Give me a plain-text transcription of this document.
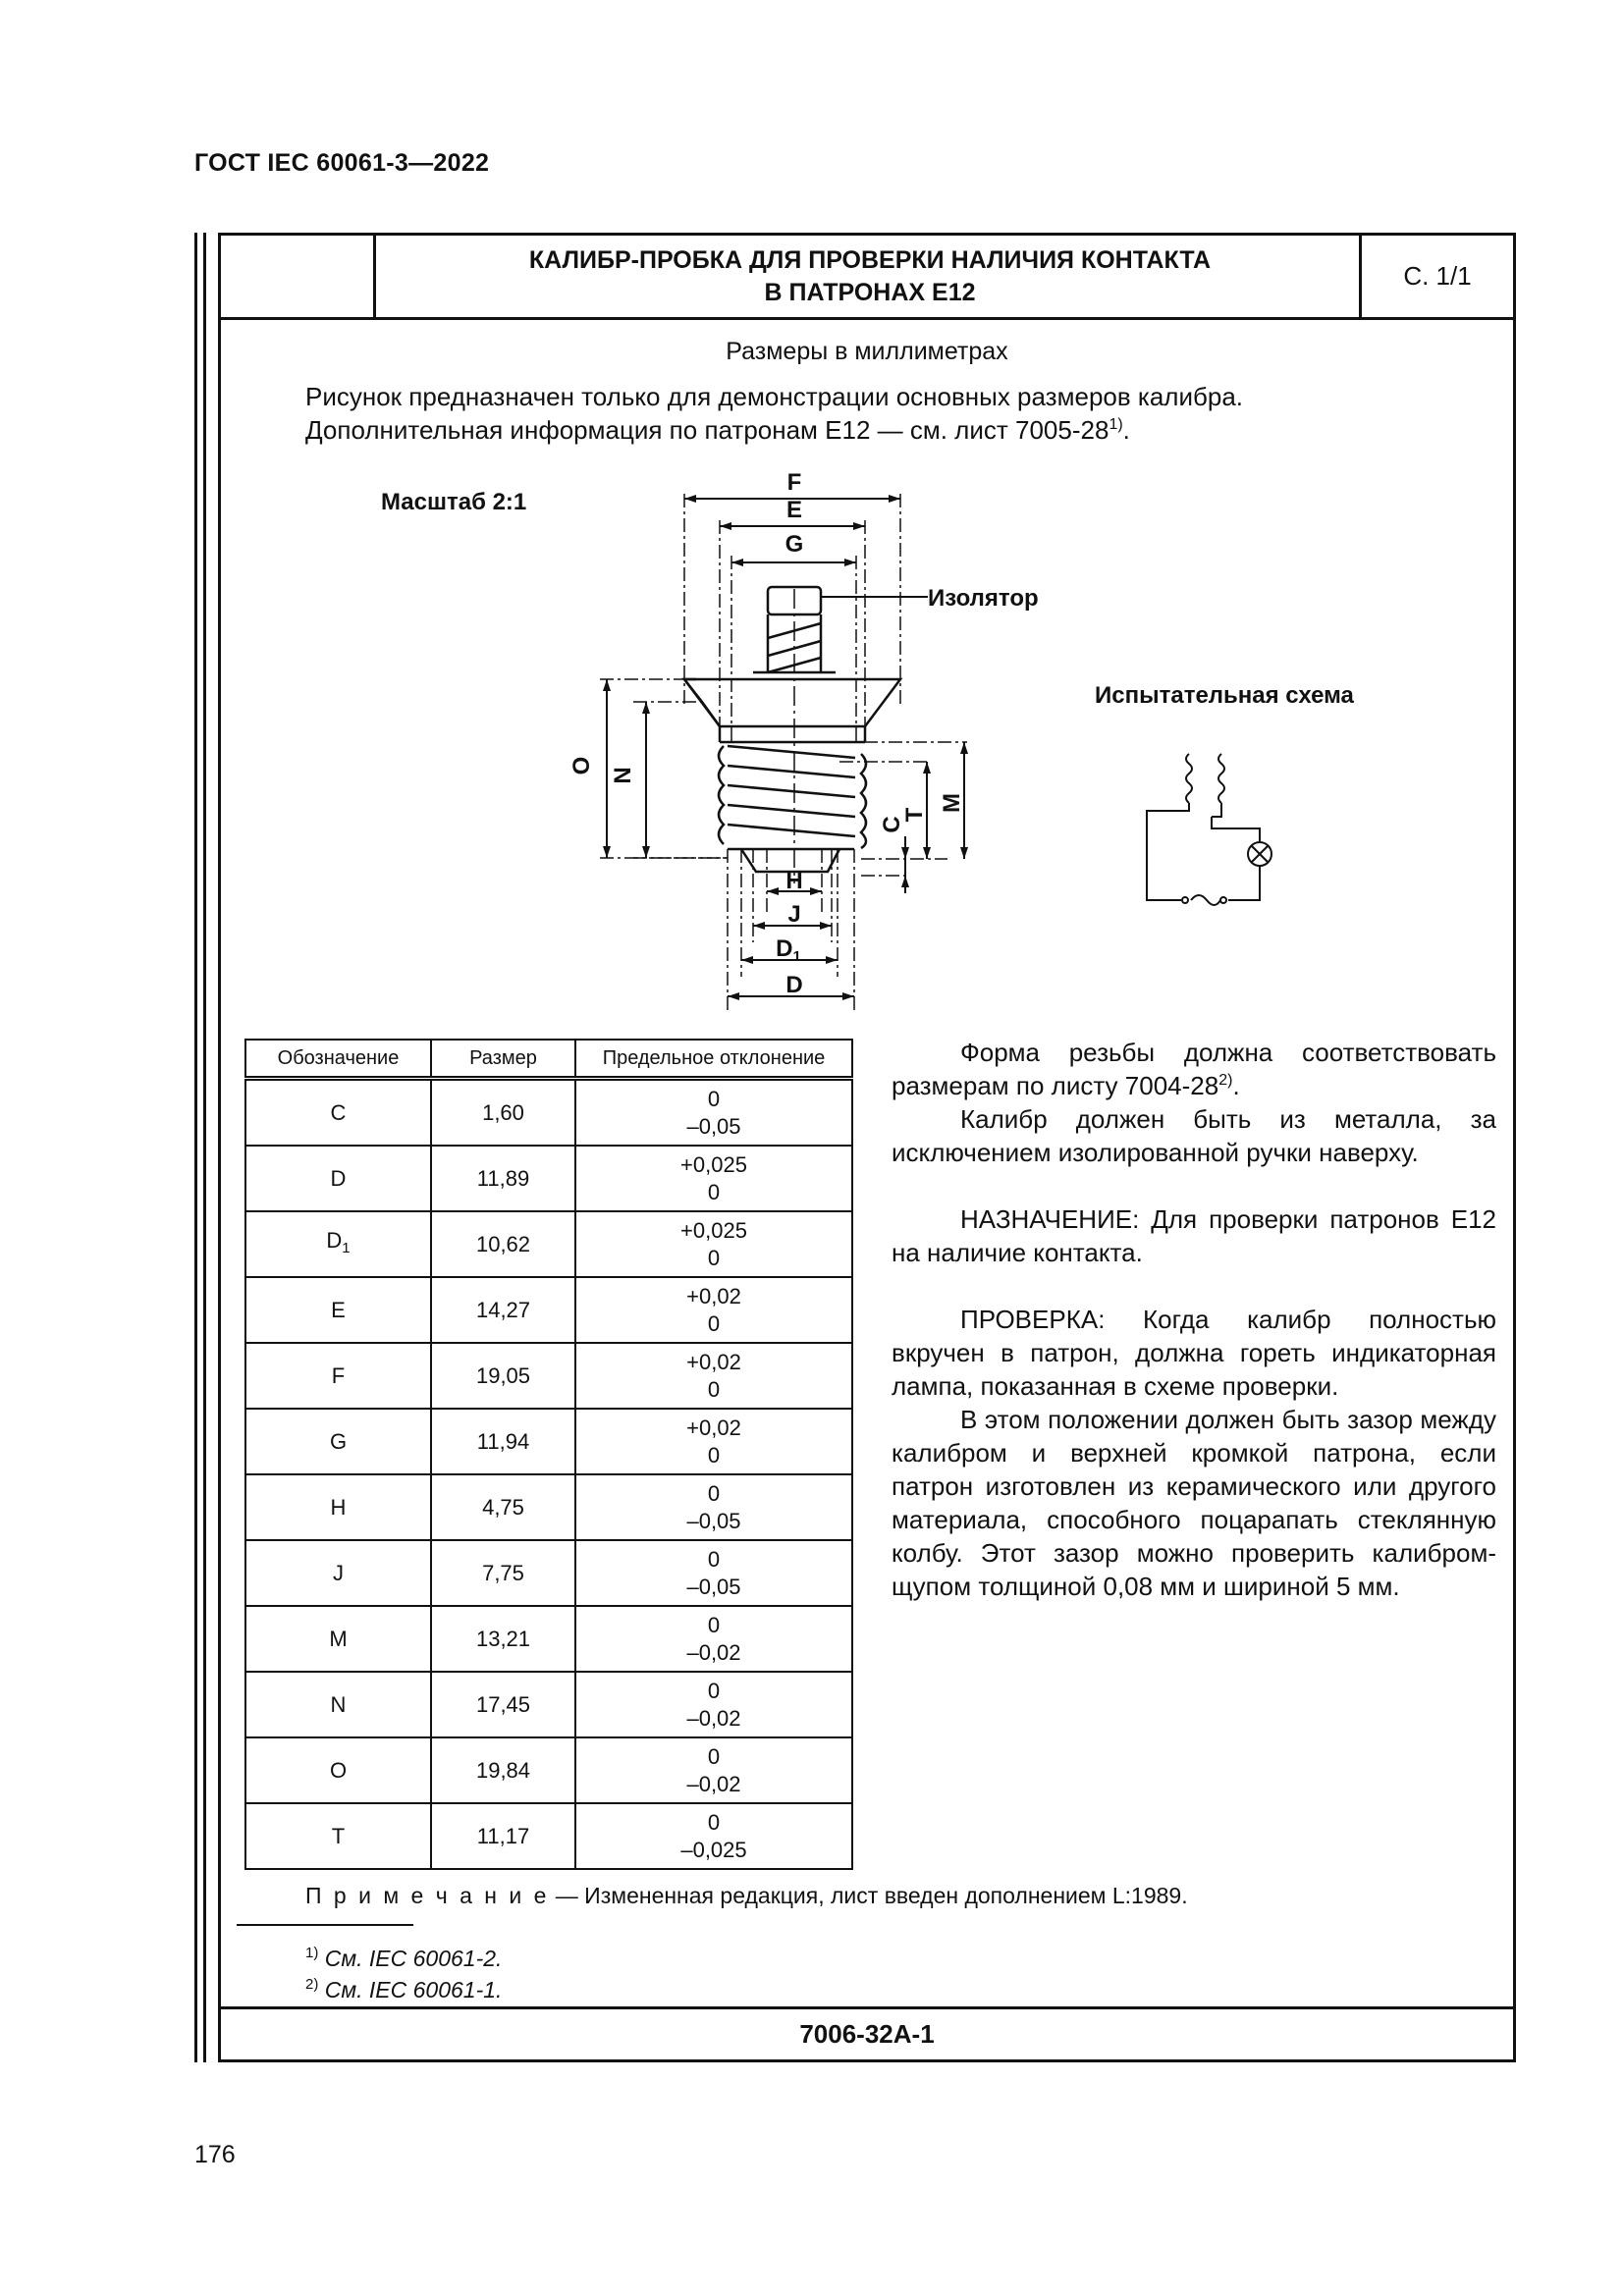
ГОСТ IEC 60061-3—2022
КАЛИБР-ПРОБКА ДЛЯ ПРОВЕРКИ НАЛИЧИЯ КОНТАКТА
В ПАТРОНАХ E12
С. 1/1
Размеры в миллиметрах
Рисунок предназначен только для демонстрации основных размеров калибра.
Дополнительная информация по патронам E12 — см. лист 7005-28$^{1)}$.
Масштаб 2:1
Испытательная схема
Изолятор
F
E
G
O
N
C
T
M
H
J
$D_1$
D
Обозначение	Размер	Предельное отклонение
C	1,60	0
–0,05

D	11,89	+0,025
0

$D_1$	10,62	+0,025
0

E	14,27	+0,02
0

F	19,05	+0,02
0

G	11,94	+0,02
0

H	4,75	0
–0,05

J	7,75	0
–0,05

M	13,21	0
–0,02

N	17,45	0
–0,02

O	19,84	0
–0,02

T	11,17	0
–0,025

Форма резьбы должна соответствовать размерам по листу 7004-28$^{2)}$.

Калибр должен быть из металла, за исключением изолированной ручки наверху.

НАЗНАЧЕНИЕ: Для проверки патронов E12 на наличие контакта.

ПРОВЕРКА: Когда калибр полностью вкручен в патрон, должна гореть индикаторная лампа, показанная в схеме проверки.

В этом положении должен быть зазор между калибром и верхней кромкой патрона, если патрон изготовлен из керамического или другого материала, способного поцарапать стеклянную колбу. Этот зазор можно проверить калибром-щупом толщиной 0,08 мм и шириной 5 мм.

П р и м е ч а н и е — Измененная редакция, лист введен дополнением L:1989.
$^{1)}$ См. IEC 60061-2.
$^{2)}$ См. IEC 60061-1.
7006-32A-1
176
